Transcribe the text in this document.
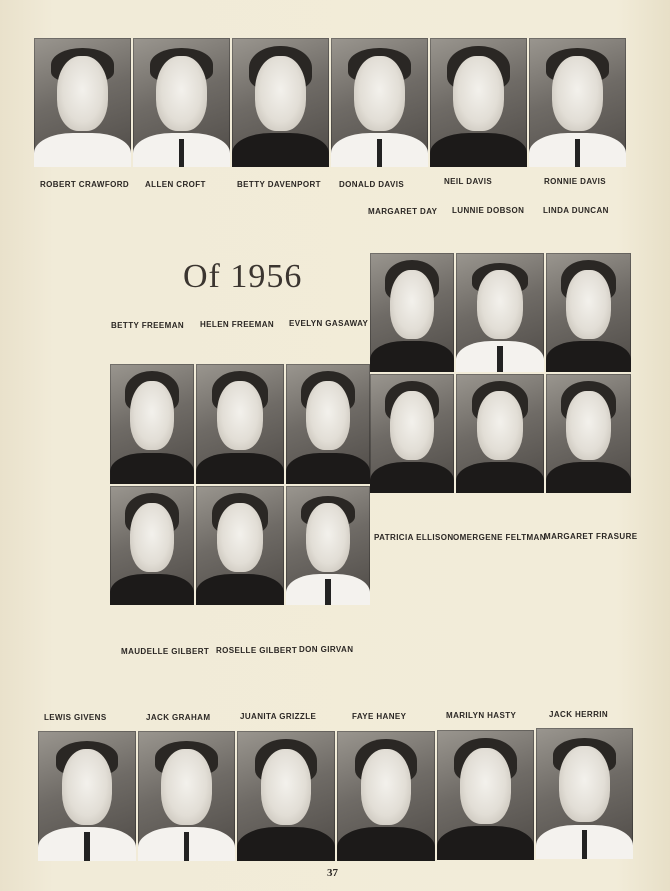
ROBERT CRAWFORD ALLEN CROFT	BETTY DAVENPORT DONALD DAVIS	NEIL DAVIS	RONNIE DAVIS
MARGARET DAY LUNNIE DOBSON LINDA DUNCAN
Of 1956
BETTY FREEMAN HELEN FREEMAN EVELYN GASAWAY
PATRICIA ELLISON OMERGENE FELTMAN
MARGARET FRASURE
MAUDELLE GILBERT ROSELLE GILBERT DON GIRVAN
LEWIS GIVENS	JACK GRAHAM	JUANITA GRIZZLE	FAYE HANEY	MARILYN HASTY	JACK HERRIN
37
